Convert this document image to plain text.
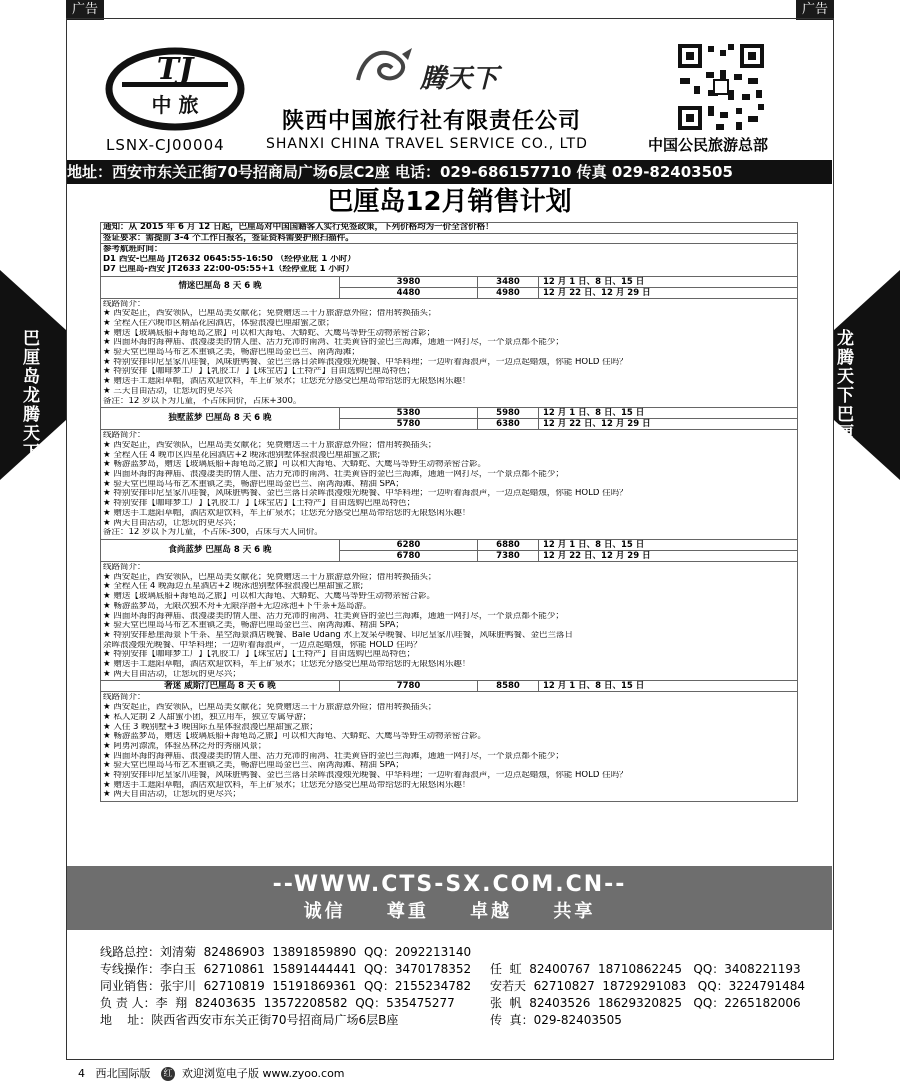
广告	广告
TJ
中 旅
LSNX-CJ00004
腾天下
陕西中国旅行社有限责任公司
SHANXI CHINA TRAVEL SERVICE CO., LTD	中国公民旅游总部
地址：西安市东关正街70号招商局广场6层C2座 电话：029-686157710 传真 029-82403505
巴厘岛
龙腾天下
龙腾天下
巴厘岛
巴厘岛12月销售计划
通知：从 2015 年 6 月 12 日起，巴厘岛对中国国籍客人实行免签政策，下列价格均为一价全含价格！
签证要求：需提前 3-4 个工作日报名，签证资料需要护照扫描件。
参考航班时间：
D1 西安-巴厘岛 JT2632 0645:55-16:50 （经停亚庇 1 小时）
D7 巴厘岛-西安 JT2633 22:00-05:55+1（经停亚庇 1 小时）
情迷巴厘岛 8 天 6 晚	3980	3480	12 月 1 日、8 日、15 日
4480	4980	12 月 22 日、12 月 29 日
线路简介：
★ 西安起止，西安领队，巴厘岛美女献花；免费赠送三十万旅游意外险；借用转换插头；
★ 全程入住六晚市区精品花园酒店，体验浪漫巴厘甜蜜之旅；
★ 赠送【玻璃底船+海龟岛之旅】可以和大海龟、大蟒蛇、大鹰鸟等野生动物亲密合影；
★ 四面环海的海神庙、浪漫凄美的情人崖、活力充沛的南湾、壮美黄昏的金巴兰海滩，通通一网打尽，一个景点都不能少；
★ 验天堂巴厘岛乌布艺术重镇之美，畅游巴厘岛金巴兰、南湾海滩；
★ 特别安排印尼皇家爪哇餐，风味脏鸭餐、金巴兰落日余晖浪漫烛光晚餐、中华料理；一边听着海浪声，一边点起蜡烛，你能 HOLD 住吗？
★ 特别安排【咖啡梦工厂】【乳胶工厂】【珠宝店】【土特产】自由选购巴厘岛特色；
★ 赠送手工遮阳草帽，酒店欢迎饮料，车上矿泉水；让您充分感受巴厘岛带给您的无限悠闲乐趣！
★ 三天自由活动，让您玩的更尽兴
备注：12 岁以下为儿童，不占床同价，占床+300。
独墅蓝梦 巴厘岛 8 天 6 晚	5380	5980	12 月 1 日、8 日、15 日
5780	6380	12 月 22 日、12 月 29 日
线路简介：
★ 西安起止，西安领队，巴厘岛美女献花；免费赠送三十万旅游意外险；借用转换插头；
★ 全程入住 4 晚市区四星花园酒店+2 晚泳池别墅体验浪漫巴厘甜蜜之旅;
★ 畅游蓝梦岛，赠送【玻璃底船+海龟岛之旅】可以和大海龟、大蟒蛇、大鹰鸟等野生动物亲密合影。
★ 四面环海的海神庙、浪漫凄美的情人崖、活力充沛的南湾、壮美黄昏的金巴兰海滩，通通一网打尽，一个景点都不能少；
★ 验天堂巴厘岛乌布艺术重镇之美，畅游巴厘岛金巴兰、南湾海滩、精油 SPA；
★ 特别安排印尼皇家爪哇餐，风味脏鸭餐、金巴兰落日余晖浪漫烛光晚餐、中华料理；一边听着海浪声，一边点起蜡烛，你能 HOLD 住吗？
★ 特别安排【咖啡梦工厂】【乳胶工厂】【珠宝店】【土特产】自由选购巴厘岛特色；
★ 赠送手工遮阳草帽，酒店欢迎饮料，车上矿泉水；让您充分感受巴厘岛带给您的无限悠闲乐趣！
★ 两天自由活动，让您玩的更尽兴；
备注：12 岁以下为儿童，不占床-300，占床与大人同价。
食尚蓝梦 巴厘岛 8 天 6 晚	6280	6880	12 月 1 日、8 日、15 日
6780	7380	12 月 22 日、12 月 29 日
线路简介：
★ 西安起止，西安领队，巴厘岛美女献花；免费赠送三十万旅游意外险；借用转换插头；
★ 全程入住 4 晚海边五星酒店+2 晚泳池别墅体验浪漫巴厘甜蜜之旅;
★ 赠送【玻璃底船+海龟岛之旅】可以和大海龟、大蟒蛇、大鹰鸟等野生动物亲密合影。
★ 畅游蓝梦岛，无限次独木舟+无限浮潜+无边泳池+下午茶+巡岛游。
★ 四面环海的海神庙、浪漫凄美的情人崖、活力充沛的南湾、壮美黄昏的金巴兰海滩，通通一网打尽，一个景点都不能少；
★ 验天堂巴厘岛乌布艺术重镇之美，畅游巴厘岛金巴兰、南湾海滩、精油 SPA；
★ 特别安排悬崖海景下午茶、星空海景酒店晚餐、Bale Udang 水上发呆亭晚餐、印尼皇家爪哇餐，风味脏鸭餐、金巴兰落日
余晖浪漫烛光晚餐、中华料理；一边听着海浪声，一边点起蜡烛，你能 HOLD 住吗？
★ 特别安排【咖啡梦工厂】【乳胶工厂】【珠宝店】【土特产】自由选购巴厘岛特色；
★ 赠送手工遮阳草帽，酒店欢迎饮料，车上矿泉水；让您充分感受巴厘岛带给您的无限悠闲乐趣！
★ 两天自由活动，让您玩的更尽兴；
奢迷 威斯汀巴厘岛 8 天 6 晚	7780	8580	12 月 1 日、8 日、15 日
线路简介：
★ 西安起止，西安领队，巴厘岛美女献花；免费赠送三十万旅游意外险；借用转换插头；
★ 私人定制 2 人甜蜜小团，独立用车，独立专属导游；
★ 入住 3 晚别墅+3 晚国际五星体验浪漫巴厘甜蜜之旅；
★ 畅游蓝梦岛，赠送【玻璃底船+海龟岛之旅】可以和大海龟、大蟒蛇、大鹰鸟等野生动物亲密合影。
★ 阿勇河漂流，体验丛林泛舟的秀丽风景；
★ 四面环海的海神庙、浪漫凄美的情人崖、活力充沛的南湾、壮美黄昏的金巴兰海滩，通通一网打尽，一个景点都不能少；
★ 验天堂巴厘岛乌布艺术重镇之美，畅游巴厘岛金巴兰、南湾海滩、精油 SPA；
★ 特别安排印尼皇家爪哇餐，风味脏鸭餐、金巴兰落日余晖浪漫烛光晚餐、中华料理；一边听着海浪声，一边点起蜡烛，你能 HOLD 住吗？
★ 赠送手工遮阳草帽，酒店欢迎饮料，车上矿泉水；让您充分感受巴厘岛带给您的无限悠闲乐趣！
★ 两天自由活动，让您玩的更尽兴；
--WWW.CTS-SX.COM.CN--
诚信 尊重 卓越 共享
线路总控：刘清菊  82486903  13891859890  QQ：2092213140
专线操作：李白玉  62710861  15891444441  QQ：3470178352
同业销售：张宇川  62710819  15191869361  QQ：2155234782
负 责 人：李  翔  82403635  13572208582  QQ：535475277
地    址：陕西省西安市东关正街70号招商局广场6层B座
任  虹  82400767  18710862245   QQ：3408221193
安若天  62710827  18729291083   QQ：3224791484
张  帆  82403526  18629320825   QQ：2265182006
传  真：029-82403505
4 西北国际版 红 欢迎浏览电子版 www.zyoo.com
